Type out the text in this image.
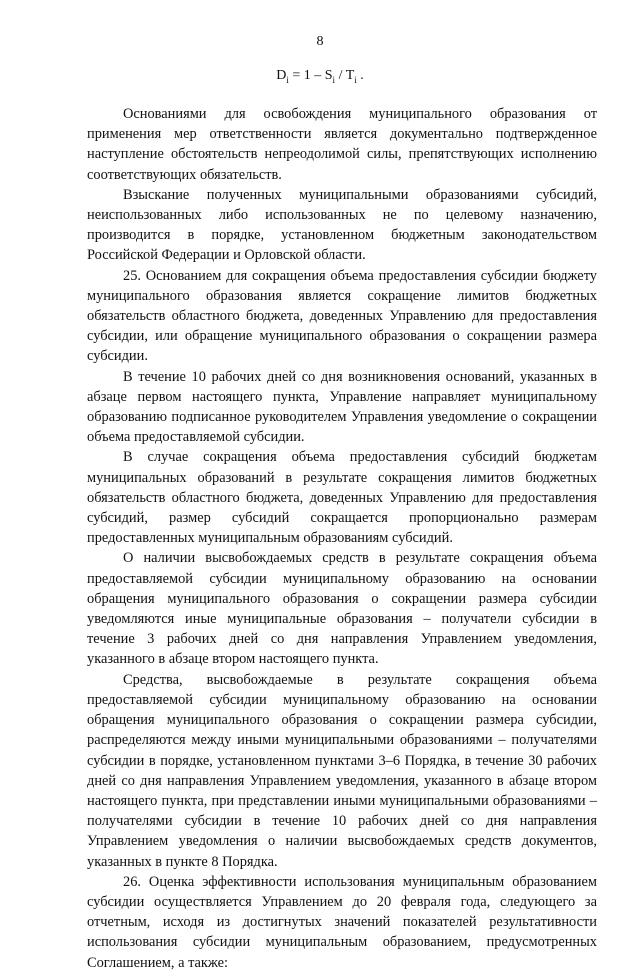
8
$D_i = 1 - S_i / T_i$ .

Основаниями для освобождения муниципального образования от применения мер ответственности является документально подтвержденное наступление обстоятельств непреодолимой силы, препятствующих исполнению соответствующих обязательств.

Взыскание полученных муниципальными образованиями субсидий, неиспользованных либо использованных не по целевому назначению, производится в порядке, установленном бюджетным законодательством Российской Федерации и Орловской области.

25. Основанием для сокращения объема предоставления субсидии бюджету муниципального образования является сокращение лимитов бюджетных обязательств областного бюджета, доведенных Управлению для предоставления субсидии, или обращение муниципального образования о сокращении размера субсидии.

В течение 10 рабочих дней со дня возникновения оснований, указанных в абзаце первом настоящего пункта, Управление направляет муниципальному образованию подписанное руководителем Управления уведомление о сокращении объема предоставляемой субсидии.

В случае сокращения объема предоставления субсидий бюджетам муниципальных образований в результате сокращения лимитов бюджетных обязательств областного бюджета, доведенных Управлению для предоставления субсидий, размер субсидий сокращается пропорционально размерам предоставленных муниципальным образованиям субсидий.

О наличии высвобождаемых средств в результате сокращения объема предоставляемой субсидии муниципальному образованию на основании обращения муниципального образования о сокращении размера субсидии уведомляются иные муниципальные образования – получатели субсидии в течение 3 рабочих дней со дня направления Управлением уведомления, указанного в абзаце втором настоящего пункта.

Средства, высвобождаемые в результате сокращения объема предоставляемой субсидии муниципальному образованию на основании обращения муниципального образования о сокращении размера субсидии, распределяются между иными муниципальными образованиями – получателями субсидии в порядке, установленном пунктами 3–6 Порядка, в течение 30 рабочих дней со дня направления Управлением уведомления, указанного в абзаце втором настоящего пункта, при представлении иными муниципальными образованиями – получателями субсидии в течение 10 рабочих дней со дня направления Управлением уведомления о наличии высвобождаемых средств документов, указанных в пункте 8 Порядка.

26. Оценка эффективности использования муниципальным образованием субсидии осуществляется Управлением до 20 февраля года, следующего за отчетным, исходя из достигнутых значений показателей результативности использования субсидии муниципальным образованием, предусмотренных Соглашением, а также:
